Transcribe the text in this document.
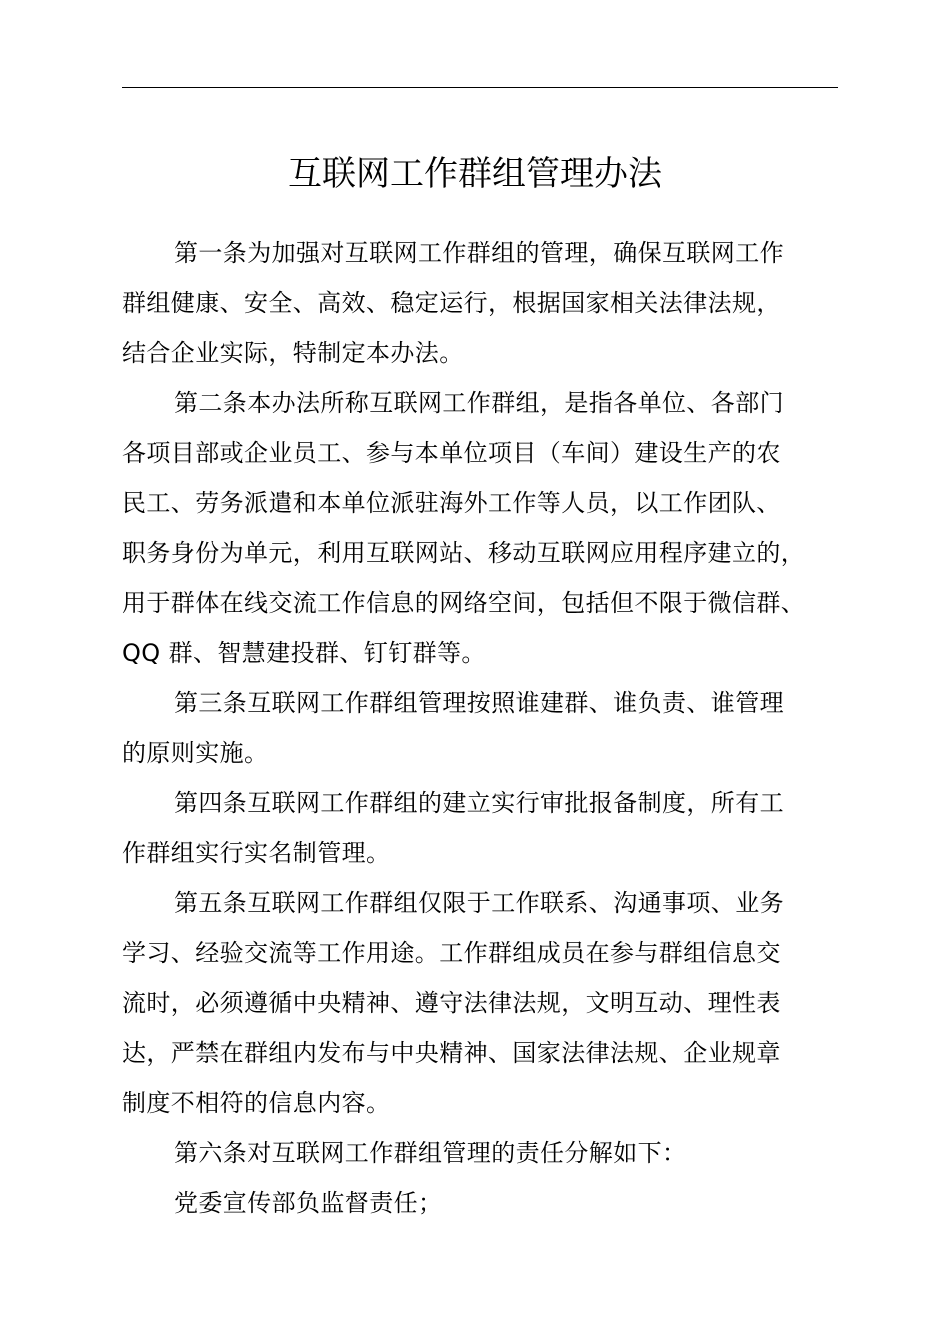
互联网工作群组管理办法
第一条为加强对互联网工作群组的管理，确保互联网工作
群组健康、安全、高效、稳定运行，根据国家相关法律法规，
结合企业实际，特制定本办法。
第二条本办法所称互联网工作群组，是指各单位、各部门
各项目部或企业员工、参与本单位项目（车间）建设生产的农
民工、劳务派遣和本单位派驻海外工作等人员，以工作团队、
职务身份为单元，利用互联网站、移动互联网应用程序建立的，
用于群体在线交流工作信息的网络空间，包括但不限于微信群、
QQ 群、智慧建投群、钉钉群等。
第三条互联网工作群组管理按照谁建群、谁负责、谁管理
的原则实施。
第四条互联网工作群组的建立实行审批报备制度，所有工
作群组实行实名制管理。
第五条互联网工作群组仅限于工作联系、沟通事项、业务
学习、经验交流等工作用途。工作群组成员在参与群组信息交
流时，必须遵循中央精神、遵守法律法规，文明互动、理性表
达，严禁在群组内发布与中央精神、国家法律法规、企业规章
制度不相符的信息内容。
第六条对互联网工作群组管理的责任分解如下：
党委宣传部负监督责任；
